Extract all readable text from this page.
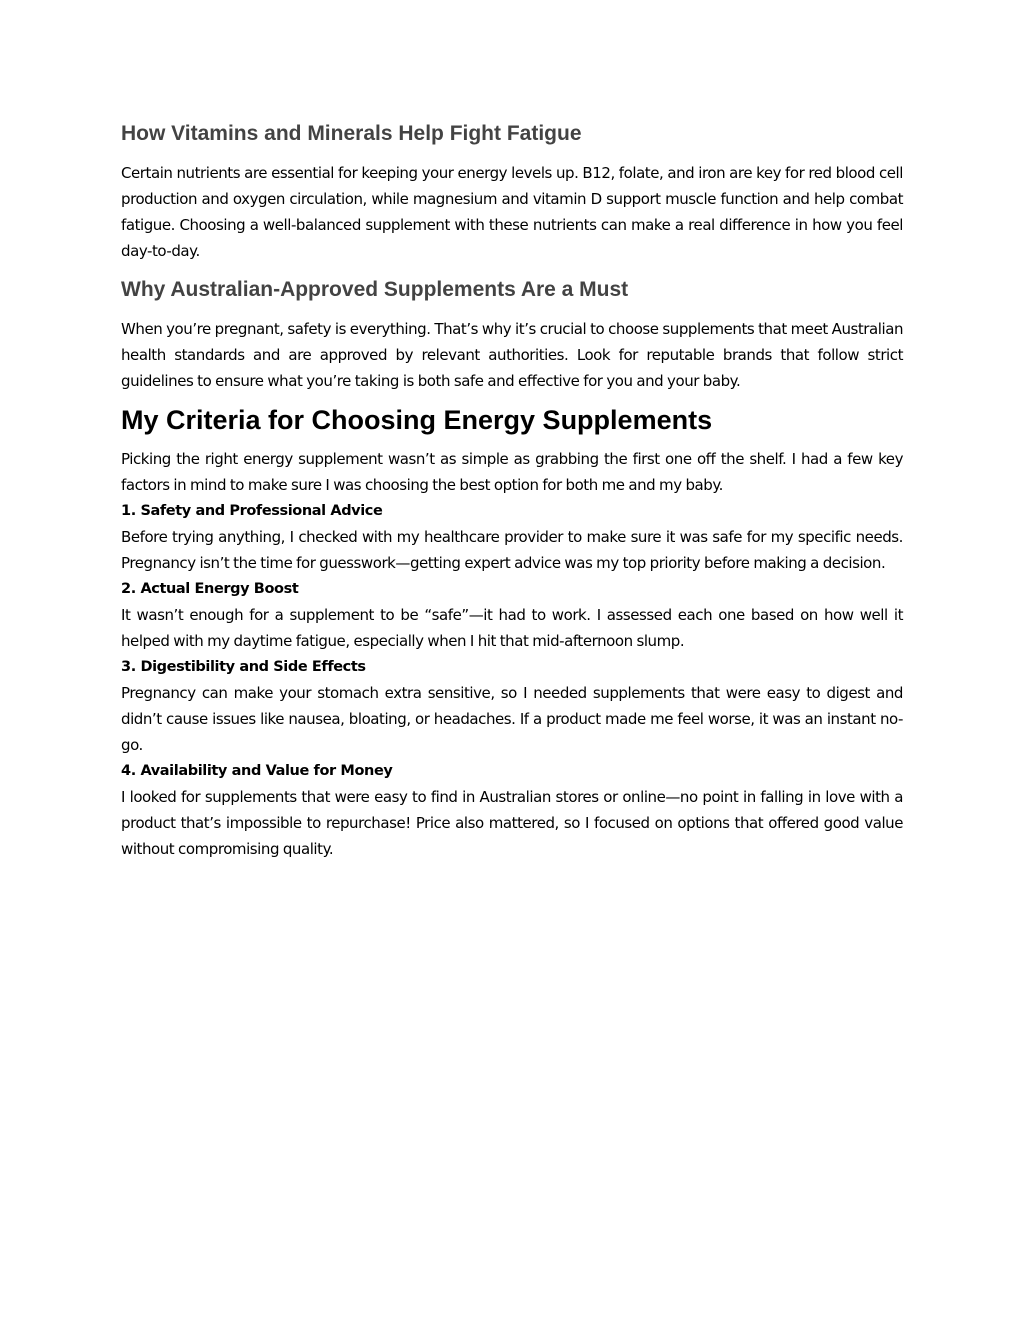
How Vitamins and Minerals Help Fight Fatigue

Certain nutrients are essential for keeping your energy levels up. B12, folate, and iron are key for red blood cell production and oxygen circulation, while magnesium and vitamin D support muscle function and help combat fatigue. Choosing a well-balanced supplement with these nutrients can make a real difference in how you feel day-to-day.

Why Australian-Approved Supplements Are a Must

When you’re pregnant, safety is everything. That’s why it’s crucial to choose supplements that meet Australian health standards and are approved by relevant authorities. Look for reputable brands that follow strict guidelines to ensure what you’re taking is both safe and effective for you and your baby.

My Criteria for Choosing Energy Supplements

Picking the right energy supplement wasn’t as simple as grabbing the first one off the shelf. I had a few key factors in mind to make sure I was choosing the best option for both me and my baby.

1. Safety and Professional Advice

Before trying anything, I checked with my healthcare provider to make sure it was safe for my specific needs. Pregnancy isn’t the time for guesswork—getting expert advice was my top priority before making a decision.

2. Actual Energy Boost

It wasn’t enough for a supplement to be “safe”—it had to work. I assessed each one based on how well it helped with my daytime fatigue, especially when I hit that mid-afternoon slump.

3. Digestibility and Side Effects

Pregnancy can make your stomach extra sensitive, so I needed supplements that were easy to digest and didn’t cause issues like nausea, bloating, or headaches. If a product made me feel worse, it was an instant no-go.

4. Availability and Value for Money

I looked for supplements that were easy to find in Australian stores or online—no point in falling in love with a product that’s impossible to repurchase! Price also mattered, so I focused on options that offered good value without compromising quality.
